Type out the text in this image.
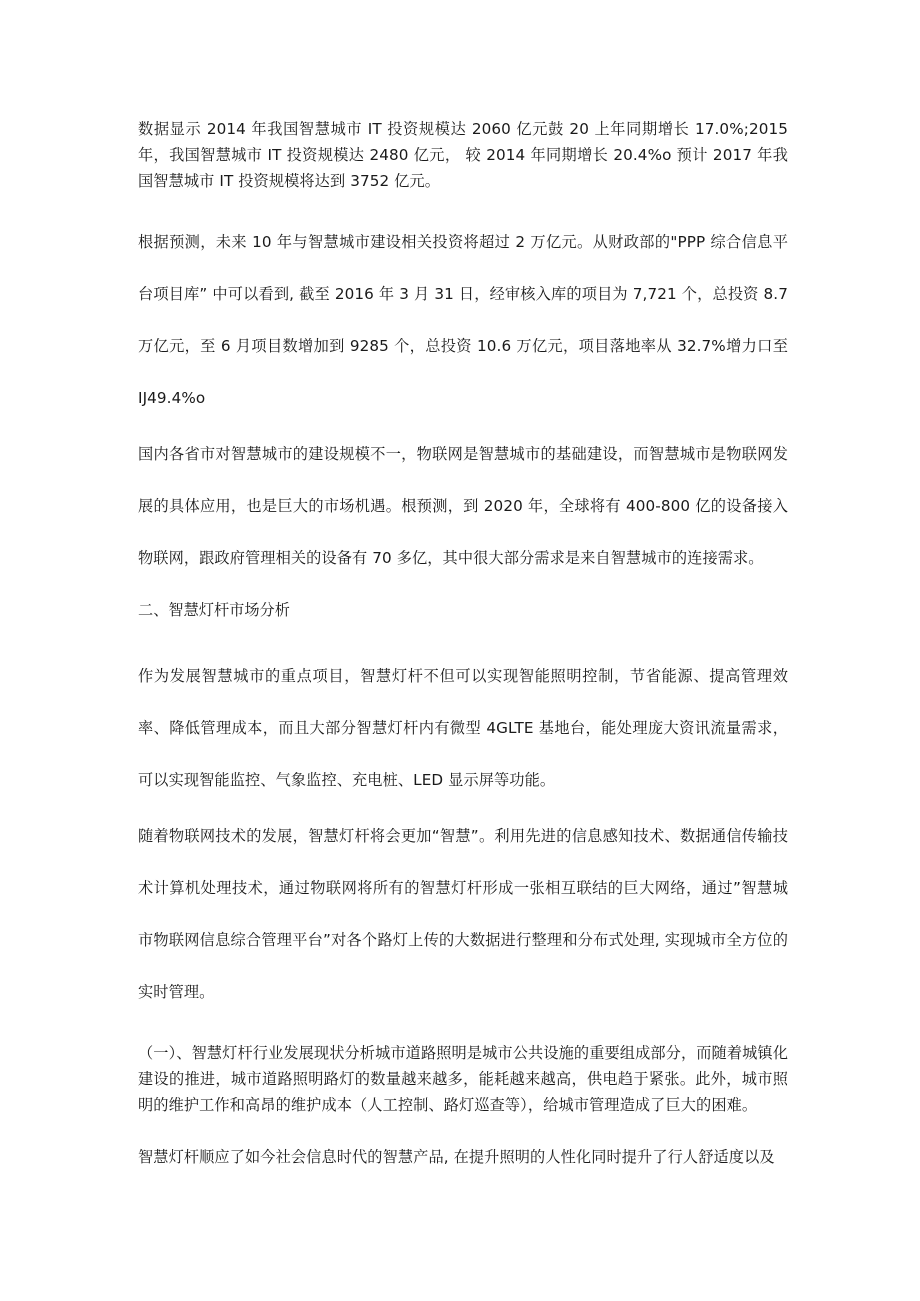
数据显示 2014 年我国智慧城市 IT 投资规模达 2060 亿元鼓 20 上年同期增长 17.0%;2015 年，我国智慧城市 IT 投资规模达 2480 亿元， 较 2014 年同期增长 20.4%o 预计 2017 年我国智慧城市 IT 投资规模将达到 3752 亿元。

根据预测，未来 10 年与智慧城市建设相关投资将超过 2 万亿元。从财政部的"PPP 综合信息平台项目库” 中可以看到, 截至 2016 年 3 月 31 日，经审核入库的项目为 7,721 个，总投资 8.7 万亿元，至 6 月项目数增加到 9285 个，总投资 10.6 万亿元，项目落地率从 32.7%增力口至 IJ49.4%o

国内各省市对智慧城市的建设规模不一，物联网是智慧城市的基础建设，而智慧城市是物联网发展的具体应用，也是巨大的市场机遇。根预测，到 2020 年，全球将有 400-800 亿的设备接入物联网，跟政府管理相关的设备有 70 多亿，其中很大部分需求是来自智慧城市的连接需求。

二、智慧灯杆市场分析

作为发展智慧城市的重点项目，智慧灯杆不但可以实现智能照明控制，节省能源、提高管理效率、降低管理成本，而且大部分智慧灯杆内有微型 4GLTE 基地台，能处理庞大资讯流量需求，可以实现智能监控、气象监控、充电桩、LED 显示屏等功能。

随着物联网技术的发展，智慧灯杆将会更加“智慧”。利用先进的信息感知技术、数据通信传输技术计算机处理技术，通过物联网将所有的智慧灯杆形成一张相互联结的巨大网络，通过”智慧城市物联网信息综合管理平台”对各个路灯上传的大数据进行整理和分布式处理, 实现城市全方位的实时管理。

（一）、智慧灯杆行业发展现状分析城市道路照明是城市公共设施的重要组成部分，而随着城镇化建设的推进，城市道路照明路灯的数量越来越多，能耗越来越高，供电趋于紧张。此外，城市照明的维护工作和高昂的维护成本（人工控制、路灯巡查等），给城市管理造成了巨大的困难。

智慧灯杆顺应了如今社会信息时代的智慧产品, 在提升照明的人性化同时提升了行人舒适度以及
